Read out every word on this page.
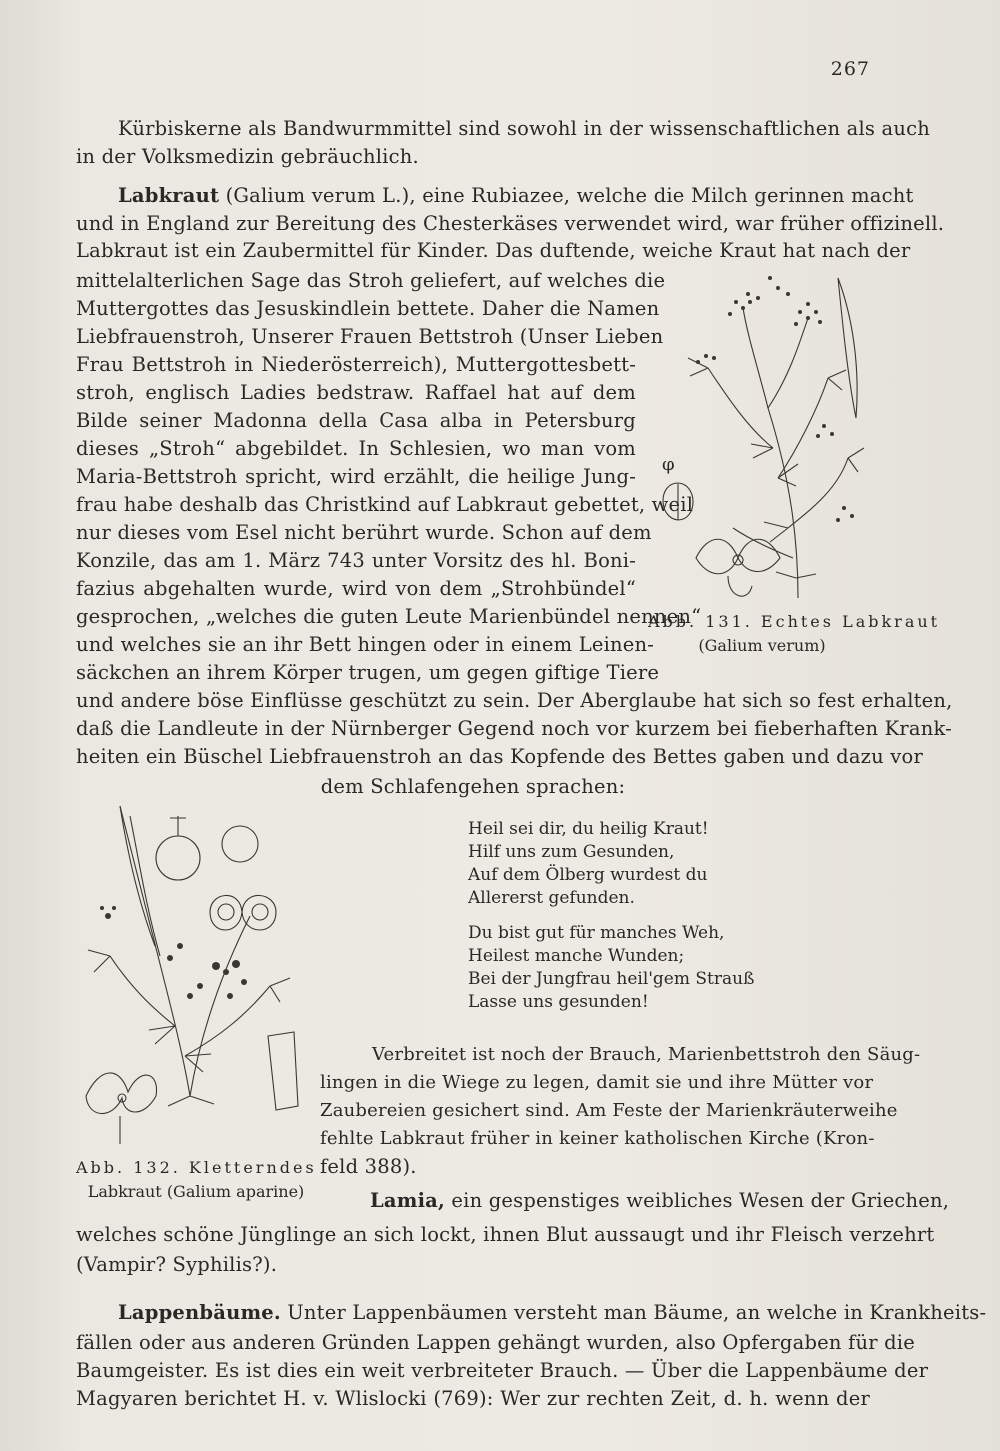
267
Kürbiskerne als Bandwurmmittel sind sowohl in der wissenschaftlichen als auch
in der Volksmedizin gebräuchlich.
Labkraut (Galium verum L.), eine Rubiazee, welche die Milch gerinnen macht
und in England zur Bereitung des Chesterkäses verwendet wird, war früher offizinell.
Labkraut ist ein Zaubermittel für Kinder. Das duftende, weiche Kraut hat nach der
mittelalterlichen Sage das Stroh geliefert, auf welches die
Muttergottes das Jesuskindlein bettete. Daher die Namen
Liebfrauenstroh, Unserer Frauen Bettstroh (Unser Lieben
Frau Bettstroh in Niederösterreich), Muttergottesbett-
stroh, englisch Ladies bedstraw. Raffael hat auf dem
Bilde seiner Madonna della Casa alba in Petersburg
dieses „Stroh“ abgebildet. In Schlesien, wo man vom
Maria-Bettstroh spricht, wird erzählt, die heilige Jung-
frau habe deshalb das Christkind auf Labkraut gebettet, weil
nur dieses vom Esel nicht berührt wurde. Schon auf dem
Konzile, das am 1. März 743 unter Vorsitz des hl. Boni-
fazius abgehalten wurde, wird von dem „Strohbündel“
gesprochen, „welches die guten Leute Marienbündel nennen“
und welches sie an ihr Bett hingen oder in einem Leinen-
säckchen an ihrem Körper trugen, um gegen giftige Tiere
und andere böse Einflüsse geschützt zu sein. Der Aberglaube hat sich so fest erhalten,
daß die Landleute in der Nürnberger Gegend noch vor kurzem bei fieberhaften Krank-
heiten ein Büschel Liebfrauenstroh an das Kopfende des Bettes gaben und dazu vor
dem Schlafengehen sprachen:
φ
Abb. 131. Echtes Labkraut
(Galium verum)
Abb. 132. Kletterndes
Labkraut (Galium aparine)
Heil sei dir, du heilig Kraut!
Hilf uns zum Gesunden,
Auf dem Ölberg wurdest du
Allererst gefunden.
Du bist gut für manches Weh,
Heilest manche Wunden;
Bei der Jungfrau heil'gem Strauß
Lasse uns gesunden!
Verbreitet ist noch der Brauch, Marienbettstroh den Säug-
lingen in die Wiege zu legen, damit sie und ihre Mütter vor
Zaubereien gesichert sind. Am Feste der Marienkräuterweihe
fehlte Labkraut früher in keiner katholischen Kirche (Kron-
feld 388).
Lamia, ein gespenstiges weibliches Wesen der Griechen,
welches schöne Jünglinge an sich lockt, ihnen Blut aussaugt und ihr Fleisch verzehrt
(Vampir? Syphilis?).
Lappenbäume. Unter Lappenbäumen versteht man Bäume, an welche in Krankheits-
fällen oder aus anderen Gründen Lappen gehängt wurden, also Opfergaben für die
Baumgeister. Es ist dies ein weit verbreiteter Brauch. — Über die Lappenbäume der
Magyaren berichtet H. v. Wlislocki (769): Wer zur rechten Zeit, d. h. wenn der
